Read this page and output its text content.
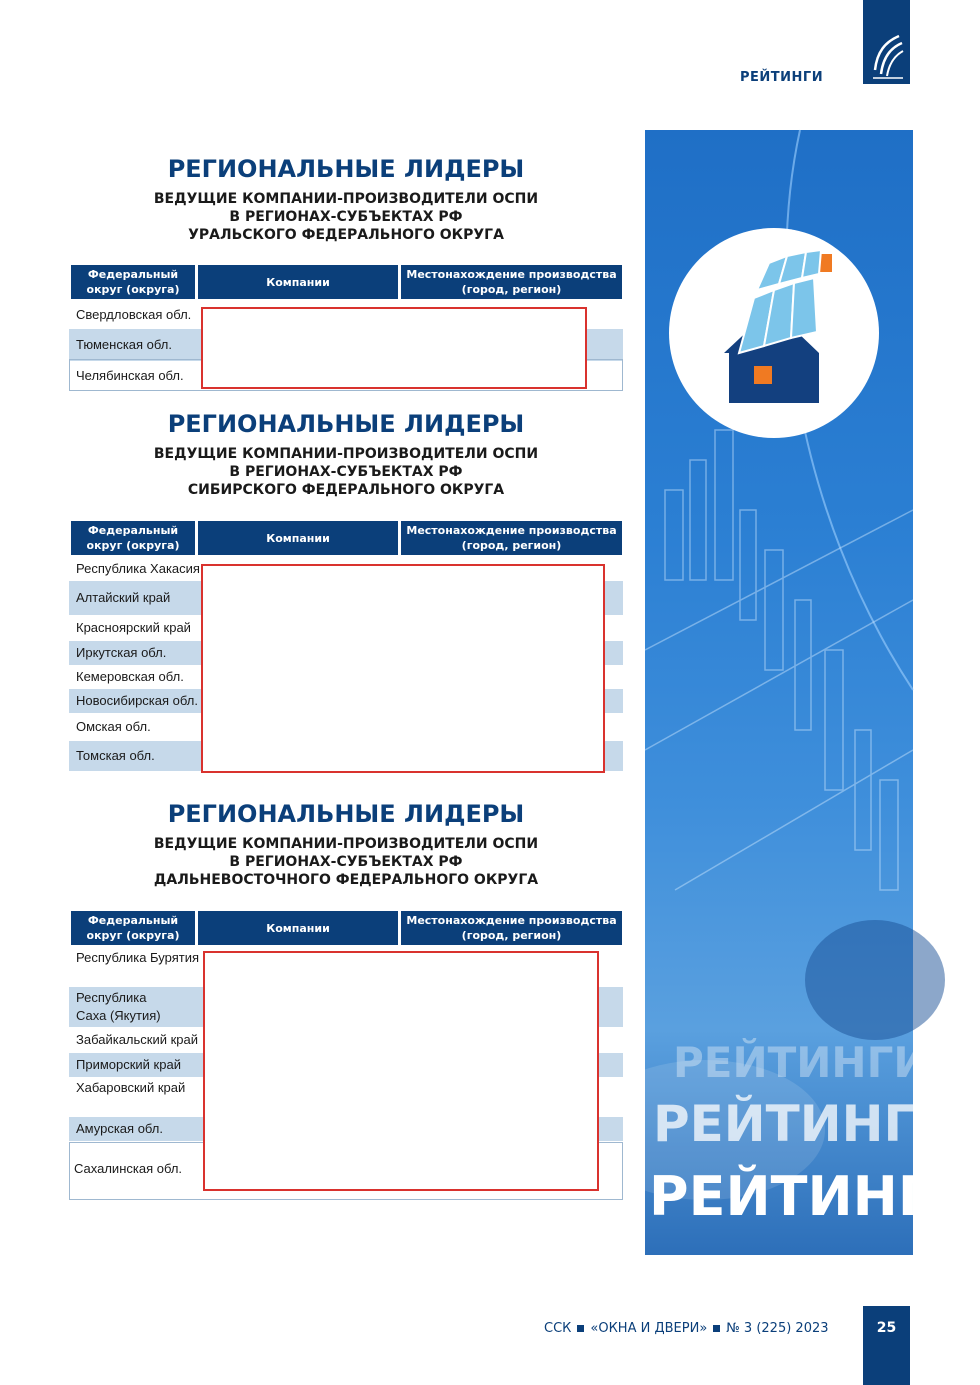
РЕЙТИНГИ
РЕЙТИНГИ
РЕЙТИНГИ
РЕЙТИНГИ
РЕГИОНАЛЬНЫЕ ЛИДЕРЫ
ВЕДУЩИЕ КОМПАНИИ-ПРОИЗВОДИТЕЛИ ОСПИ
В РЕГИОНАХ-СУБЪЕКТАХ РФ
УРАЛЬСКОГО ФЕДЕРАЛЬНОГО ОКРУГА
Федеральный округ (округа)
Компании
Местонахождение производства (город, регион)
Свердловская обл.
Тюменская обл.
Челябинская обл.
РЕГИОНАЛЬНЫЕ ЛИДЕРЫ
ВЕДУЩИЕ КОМПАНИИ-ПРОИЗВОДИТЕЛИ ОСПИ
В РЕГИОНАХ-СУБЪЕКТАХ РФ
СИБИРСКОГО ФЕДЕРАЛЬНОГО ОКРУГА
Федеральный округ (округа)
Компании
Местонахождение производства (город, регион)
Республика Хакасия
Алтайский край
Красноярский край
Иркутская обл.
Кемеровская обл.
Новосибирская обл.
Омская обл.
Томская обл.
РЕГИОНАЛЬНЫЕ ЛИДЕРЫ
ВЕДУЩИЕ КОМПАНИИ-ПРОИЗВОДИТЕЛИ ОСПИ
В РЕГИОНАХ-СУБЪЕКТАХ РФ
ДАЛЬНЕВОСТОЧНОГО ФЕДЕРАЛЬНОГО ОКРУГА
Федеральный округ (округа)
Компании
Местонахождение производства (город, регион)
Республика Бурятия
Республика
Саха (Якутия)
Забайкальский край
Приморский край
Хабаровский край
Амурская обл.
Сахалинская обл.
ССК «ОКНА И ДВЕРИ» № 3 (225) 2023	25
